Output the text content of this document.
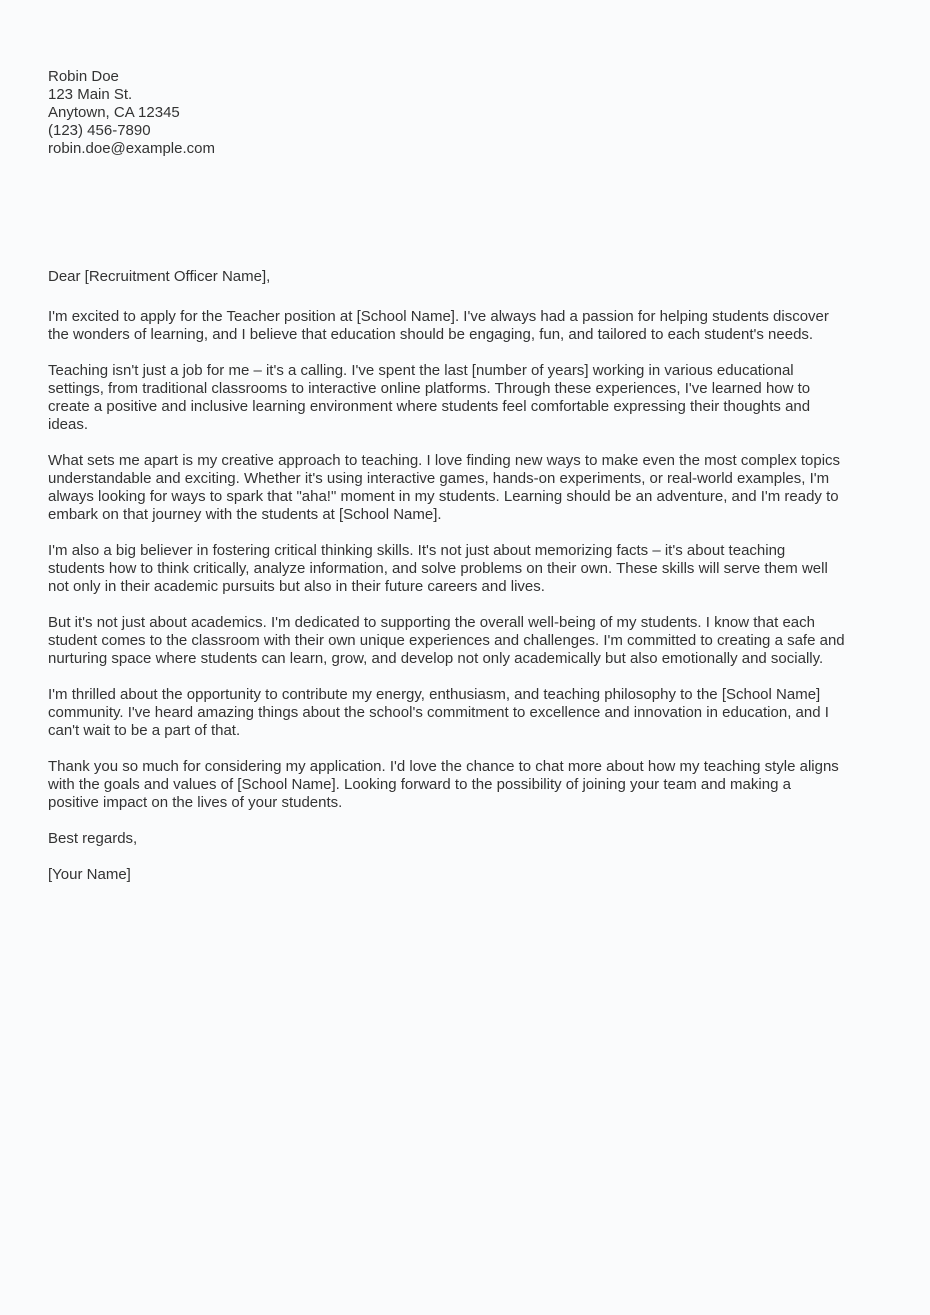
Robin Doe
123 Main St.
Anytown, CA 12345
(123) 456-7890
robin.doe@example.com

Dear [Recruitment Officer Name],

I'm excited to apply for the Teacher position at [School Name]. I've always had a passion for helping students discover the wonders of learning, and I believe that education should be engaging, fun, and tailored to each student's needs.

Teaching isn't just a job for me – it's a calling. I've spent the last [number of years] working in various educational settings, from traditional classrooms to interactive online platforms. Through these experiences, I've learned how to create a positive and inclusive learning environment where students feel comfortable expressing their thoughts and ideas.

What sets me apart is my creative approach to teaching. I love finding new ways to make even the most complex topics understandable and exciting. Whether it's using interactive games, hands-on experiments, or real-world examples, I'm always looking for ways to spark that "aha!" moment in my students. Learning should be an adventure, and I'm ready to embark on that journey with the students at [School Name].

I'm also a big believer in fostering critical thinking skills. It's not just about memorizing facts – it's about teaching students how to think critically, analyze information, and solve problems on their own. These skills will serve them well not only in their academic pursuits but also in their future careers and lives.

But it's not just about academics. I'm dedicated to supporting the overall well-being of my students. I know that each student comes to the classroom with their own unique experiences and challenges. I'm committed to creating a safe and nurturing space where students can learn, grow, and develop not only academically but also emotionally and socially.

I'm thrilled about the opportunity to contribute my energy, enthusiasm, and teaching philosophy to the [School Name] community. I've heard amazing things about the school's commitment to excellence and innovation in education, and I can't wait to be a part of that.

Thank you so much for considering my application. I'd love the chance to chat more about how my teaching style aligns with the goals and values of [School Name]. Looking forward to the possibility of joining your team and making a positive impact on the lives of your students.

Best regards,

[Your Name]
